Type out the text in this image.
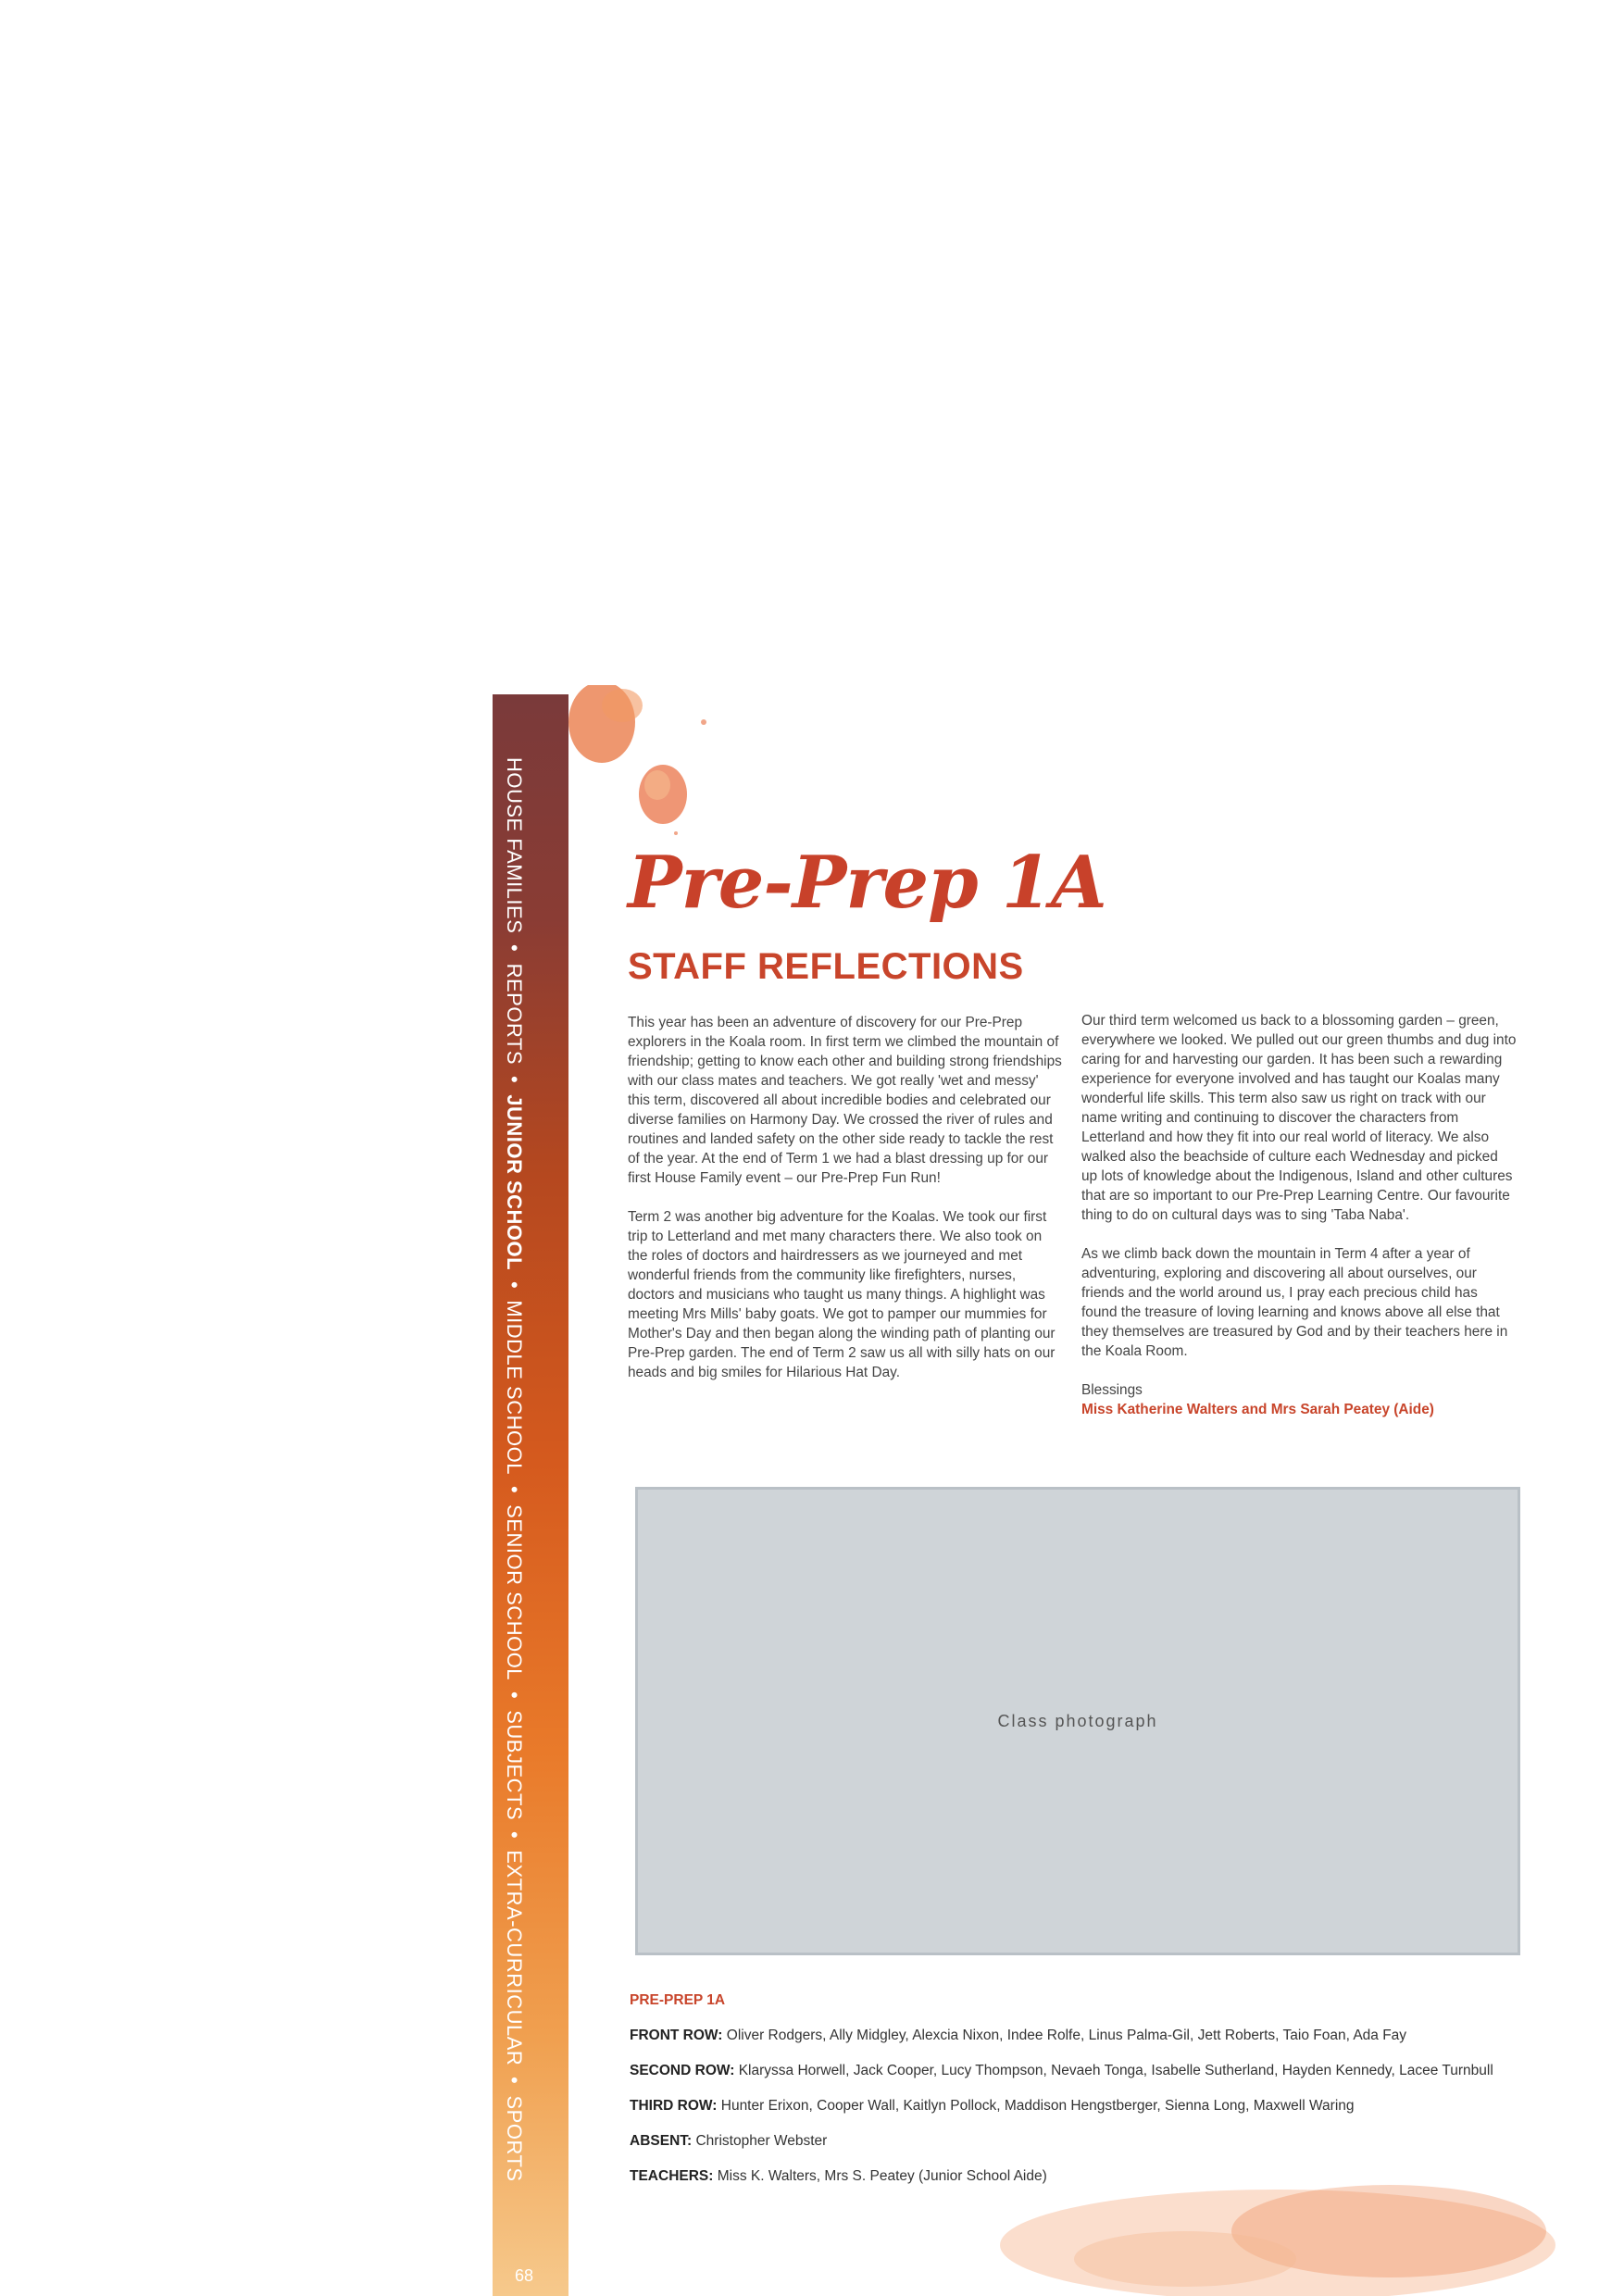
HOUSE FAMILIES•REPORTS•JUNIOR SCHOOL•MIDDLE SCHOOL•SENIOR SCHOOL•SUBJECTS•EXTRA-CURRICULAR•SPORTS
Pre-Prep 1A
STAFF REFLECTIONS

This year has been an adventure of discovery for our Pre-Prep explorers in the Koala room. In first term we climbed the mountain of friendship; getting to know each other and building strong friendships with our class mates and teachers. We got really 'wet and messy' this term, discovered all about incredible bodies and celebrated our diverse families on Harmony Day. We crossed the river of rules and routines and landed safety on the other side ready to tackle the rest of the year. At the end of Term 1 we had a blast dressing up for our first House Family event – our Pre-Prep Fun Run!

Term 2 was another big adventure for the Koalas. We took our first trip to Letterland and met many characters there. We also took on the roles of doctors and hairdressers as we journeyed and met wonderful friends from the community like firefighters, nurses, doctors and musicians who taught us many things. A highlight was meeting Mrs Mills' baby goats. We got to pamper our mummies for Mother's Day and then began along the winding path of planting our Pre-Prep garden. The end of Term 2 saw us all with silly hats on our heads and big smiles for Hilarious Hat Day.

Our third term welcomed us back to a blossoming garden – green, everywhere we looked. We pulled out our green thumbs and dug into caring for and harvesting our garden. It has been such a rewarding experience for everyone involved and has taught our Koalas many wonderful life skills. This term also saw us right on track with our name writing and continuing to discover the characters from Letterland and how they fit into our real world of literacy. We also walked also the beachside of culture each Wednesday and picked up lots of knowledge about the Indigenous, Island and other cultures that are so important to our Pre-Prep Learning Centre. Our favourite thing to do on cultural days was to sing 'Taba Naba'.

As we climb back down the mountain in Term 4 after a year of adventuring, exploring and discovering all about ourselves, our friends and the world around us, I pray each precious child has found the treasure of loving learning and knows above all else that they themselves are treasured by God and by their teachers here in the Koala Room.

Blessings
Miss Katherine Walters and Mrs Sarah Peatey (Aide)
Class photograph
PRE-PREP 1A
FRONT ROW: Oliver Rodgers, Ally Midgley, Alexcia Nixon, Indee Rolfe, Linus Palma-Gil, Jett Roberts, Taio Foan, Ada Fay
SECOND ROW: Klaryssa Horwell, Jack Cooper, Lucy Thompson, Nevaeh Tonga, Isabelle Sutherland, Hayden Kennedy, Lacee Turnbull
THIRD ROW: Hunter Erixon, Cooper Wall, Kaitlyn Pollock, Maddison Hengstberger, Sienna Long, Maxwell Waring
ABSENT: Christopher Webster
TEACHERS: Miss K. Walters, Mrs S. Peatey (Junior School Aide)
68
